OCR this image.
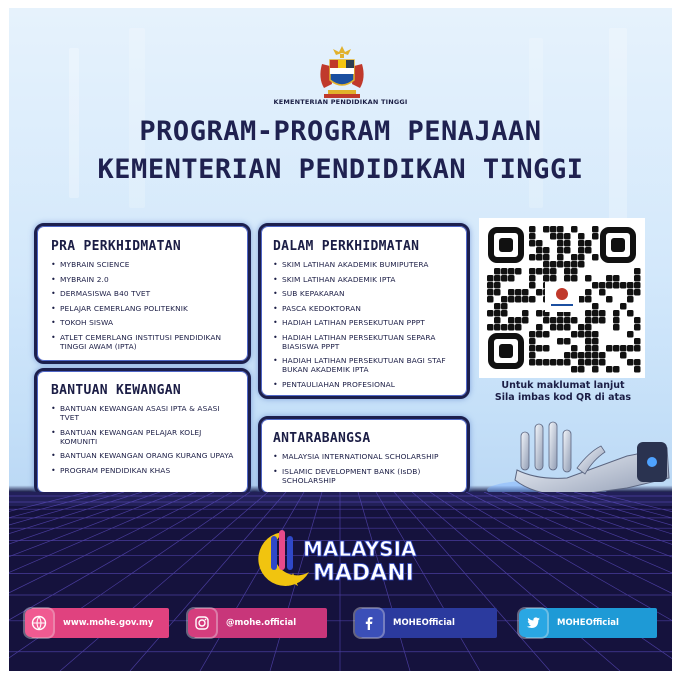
KEMENTERIAN PENDIDIKAN TINGGI
PROGRAM-PROGRAM PENAJAAN
KEMENTERIAN PENDIDIKAN TINGGI
PRA PERKHIDMATAN
• MYBRAIN SCIENCE
• MYBRAIN 2.0
• DERMASISWA B40 TVET
• PELAJAR CEMERLANG POLITEKNIK
• TOKOH SISWA
• ATLET CEMERLANG INSTITUSI PENDIDIKAN TINGGI AWAM (IPTA)
BANTUAN KEWANGAN
• BANTUAN KEWANGAN ASASI IPTA & ASASI TVET
• BANTUAN KEWANGAN PELAJAR KOLEJ KOMUNITI
• BANTUAN KEWANGAN ORANG KURANG UPAYA
• PROGRAM PENDIDIKAN KHAS
DALAM PERKHIDMATAN
• SKIM LATIHAN AKADEMIK BUMIPUTERA
• SKIM LATIHAN AKADEMIK IPTA
• SUB KEPAKARAN
• PASCA KEDOKTORAN
• HADIAH LATIHAN PERSEKUTUAN PPPT
• HADIAH LATIHAN PERSEKUTUAN SEPARA BIASISWA PPPT
• HADIAH LATIHAN PERSEKUTUAN BAGI STAF BUKAN AKADEMIK IPTA
• PENTAULIAHAN PROFESIONAL
ANTARABANGSA
• MALAYSIA INTERNATIONAL SCHOLARSHIP
• ISLAMIC DEVELOPMENT BANK (IsDB) SCHOLARSHIP
Untuk maklumat lanjut
Sila imbas kod QR di atas
MALAYSIA
MADANI
www.mohe.gov.my	@mohe.official	MOHEOfficial	MOHEOfficial
